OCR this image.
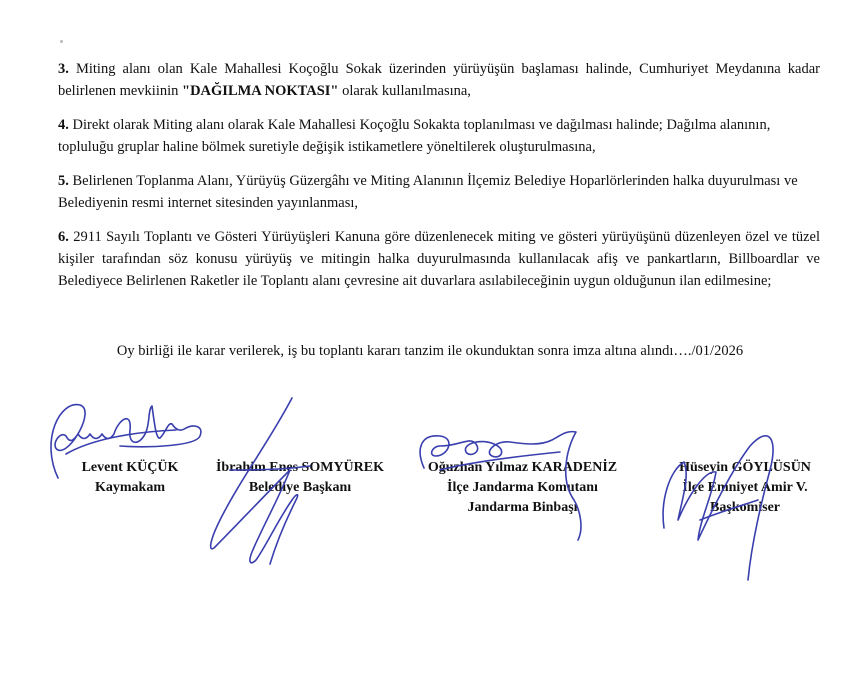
3. Miting alanı olan Kale Mahallesi Koçoğlu Sokak üzerinden yürüyüşün başlaması halinde, Cumhuriyet Meydanına kadar belirlenen mevkiinin "DAĞILMA NOKTASI" olarak kullanılmasına,

4. Direkt olarak Miting alanı olarak Kale Mahallesi Koçoğlu Sokakta toplanılması ve dağılması halinde; Dağılma alanının, topluluğu gruplar haline bölmek suretiyle değişik istikametlere yöneltilerek oluşturulmasına,

5. Belirlenen Toplanma Alanı, Yürüyüş Güzergâhı ve Miting Alanının İlçemiz Belediye Hoparlörlerinden halka duyurulması ve Belediyenin resmi internet sitesinden yayınlanması,

6. 2911 Sayılı Toplantı ve Gösteri Yürüyüşleri Kanuna göre düzenlenecek miting ve gösteri yürüyüşünü düzenleyen özel ve tüzel kişiler tarafından söz konusu yürüyüş ve mitingin halka duyurulmasında kullanılacak afiş ve pankartların, Billboardlar ve Belediyece Belirlenen Raketler ile Toplantı alanı çevresine ait duvarlara asılabileceğinin uygun olduğunun ilan edilmesine;

Oy birliği ile karar verilerek, iş bu toplantı kararı tanzim ile okunduktan sonra imza altına alındı…./01/2026
Levent KÜÇÜK
Kaymakam
İbrahim Enes SOMYÜREK
Belediye Başkanı
Oğuzhan Yılmaz KARADENİZ
İlçe Jandarma Komutanı
Jandarma Binbaşı
Hüseyin GÖYLÜSÜN
İlçe Emniyet Amir V.
Başkomiser
